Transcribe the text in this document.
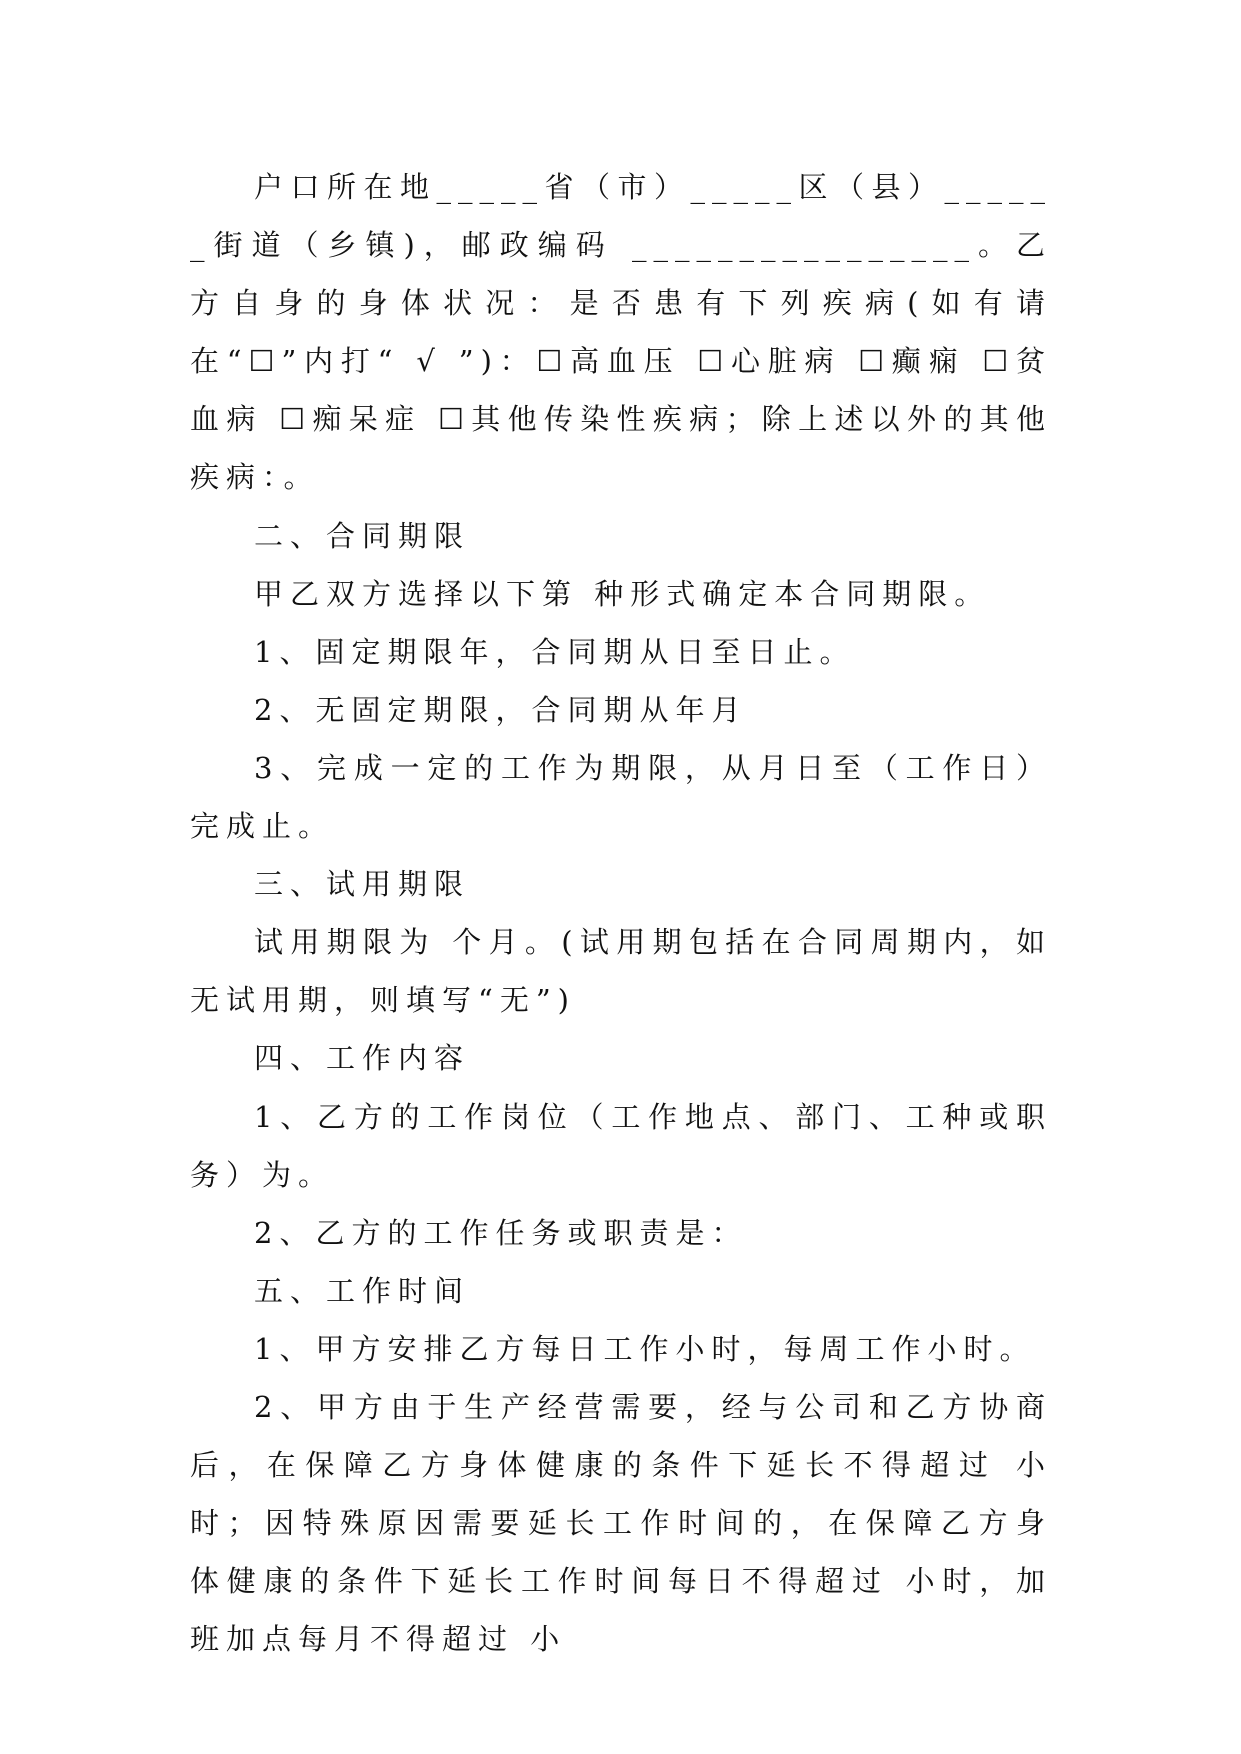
户口所在地_____省（市）_____区（县）______街道（乡镇)，邮政编码 ________________。乙方自身的身体状况：是否患有下列疾病(如有请在“☐”内打“ √ ”)：☐高血压 ☐心脏病 ☐癫痫 ☐贫血病 ☐痴呆症 ☐其他传染性疾病；除上述以外的其他疾病：。

二、合同期限

甲乙双方选择以下第 种形式确定本合同期限。

1、固定期限年，合同期从日至日止。

2、无固定期限，合同期从年月

3、完成一定的工作为期限，从月日至（工作日）完成止。

三、试用期限

试用期限为 个月。(试用期包括在合同周期内，如无试用期，则填写“无”)

四、工作内容

1、乙方的工作岗位（工作地点、部门、工种或职务）为。

2、乙方的工作任务或职责是：

五、工作时间

1、甲方安排乙方每日工作小时，每周工作小时。

2、甲方由于生产经营需要，经与公司和乙方协商后，在保障乙方身体健康的条件下延长不得超过 小时；因特殊原因需要延长工作时间的，在保障乙方身体健康的条件下延长工作时间每日不得超过 小时，加班加点每月不得超过 小
